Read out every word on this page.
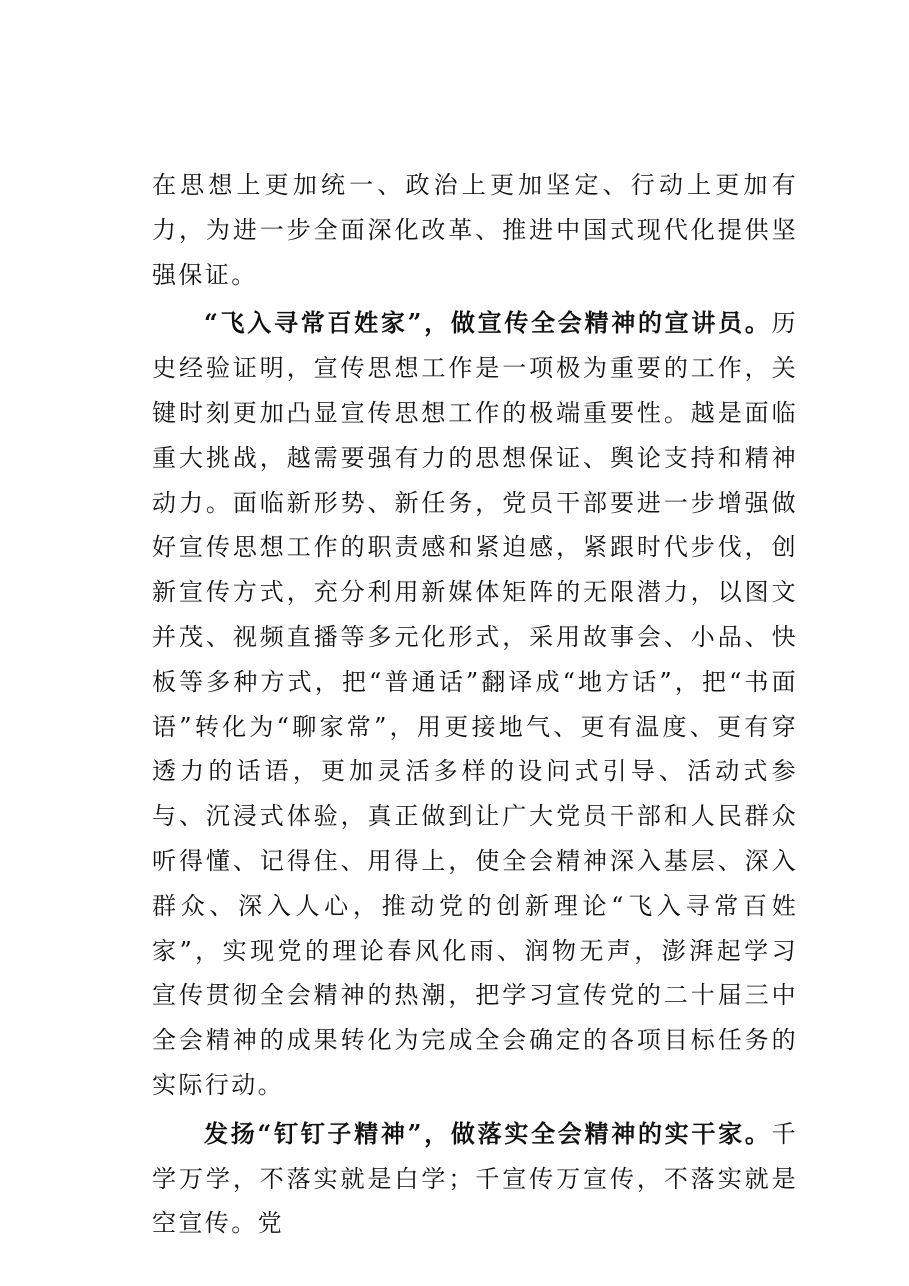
在思想上更加统一、政治上更加坚定、行动上更加有力，为进一步全面深化改革、推进中国式现代化提供坚强保证。

“飞入寻常百姓家”，做宣传全会精神的宣讲员。历史经验证明，宣传思想工作是一项极为重要的工作，关键时刻更加凸显宣传思想工作的极端重要性。越是面临重大挑战，越需要强有力的思想保证、舆论支持和精神动力。面临新形势、新任务，党员干部要进一步增强做好宣传思想工作的职责感和紧迫感，紧跟时代步伐，创新宣传方式，充分利用新媒体矩阵的无限潜力，以图文并茂、视频直播等多元化形式，采用故事会、小品、快板等多种方式，把“普通话”翻译成“地方话”，把“书面语”转化为“聊家常”，用更接地气、更有温度、更有穿透力的话语，更加灵活多样的设问式引导、活动式参与、沉浸式体验，真正做到让广大党员干部和人民群众听得懂、记得住、用得上，使全会精神深入基层、深入群众、深入人心，推动党的创新理论“飞入寻常百姓家”，实现党的理论春风化雨、润物无声，澎湃起学习宣传贯彻全会精神的热潮，把学习宣传党的二十届三中全会精神的成果转化为完成全会确定的各项目标任务的实际行动。

发扬“钉钉子精神”，做落实全会精神的实干家。千学万学，不落实就是白学；千宣传万宣传，不落实就是空宣传。党
